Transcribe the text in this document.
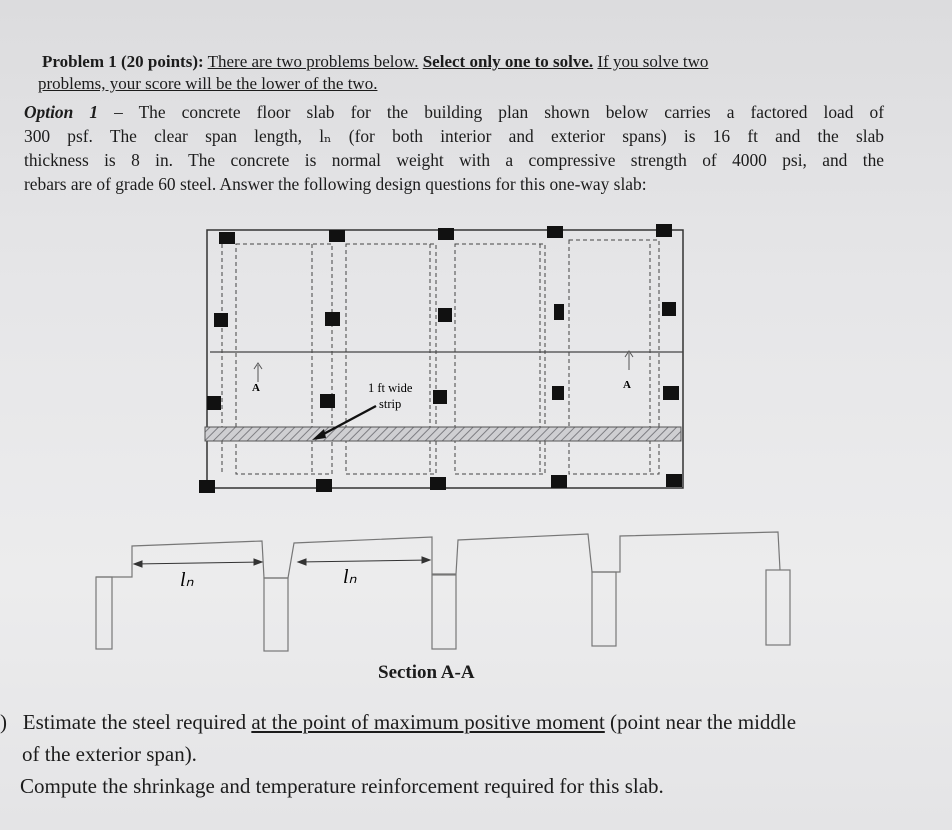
Problem 1 (20 points): There are two problems below. Select only one to solve. If you solve two
problems, your score will be the lower of the two.
Option 1 – The concrete floor slab for the building plan shown below carries a factored load of
300 psf. The clear span length, lₙ (for both interior and exterior spans) is 16 ft and the slab
thickness is 8 in. The concrete is normal weight with a compressive strength of 4000 psi, and the
rebars are of grade 60 steel. Answer the following design questions for this one-way slab:
A	A
1 ft wide
strip
lₙ	lₙ
Section A-A
) Estimate the steel required at the point of maximum positive moment (point near the middle
of the exterior span).
Compute the shrinkage and temperature reinforcement required for this slab.
